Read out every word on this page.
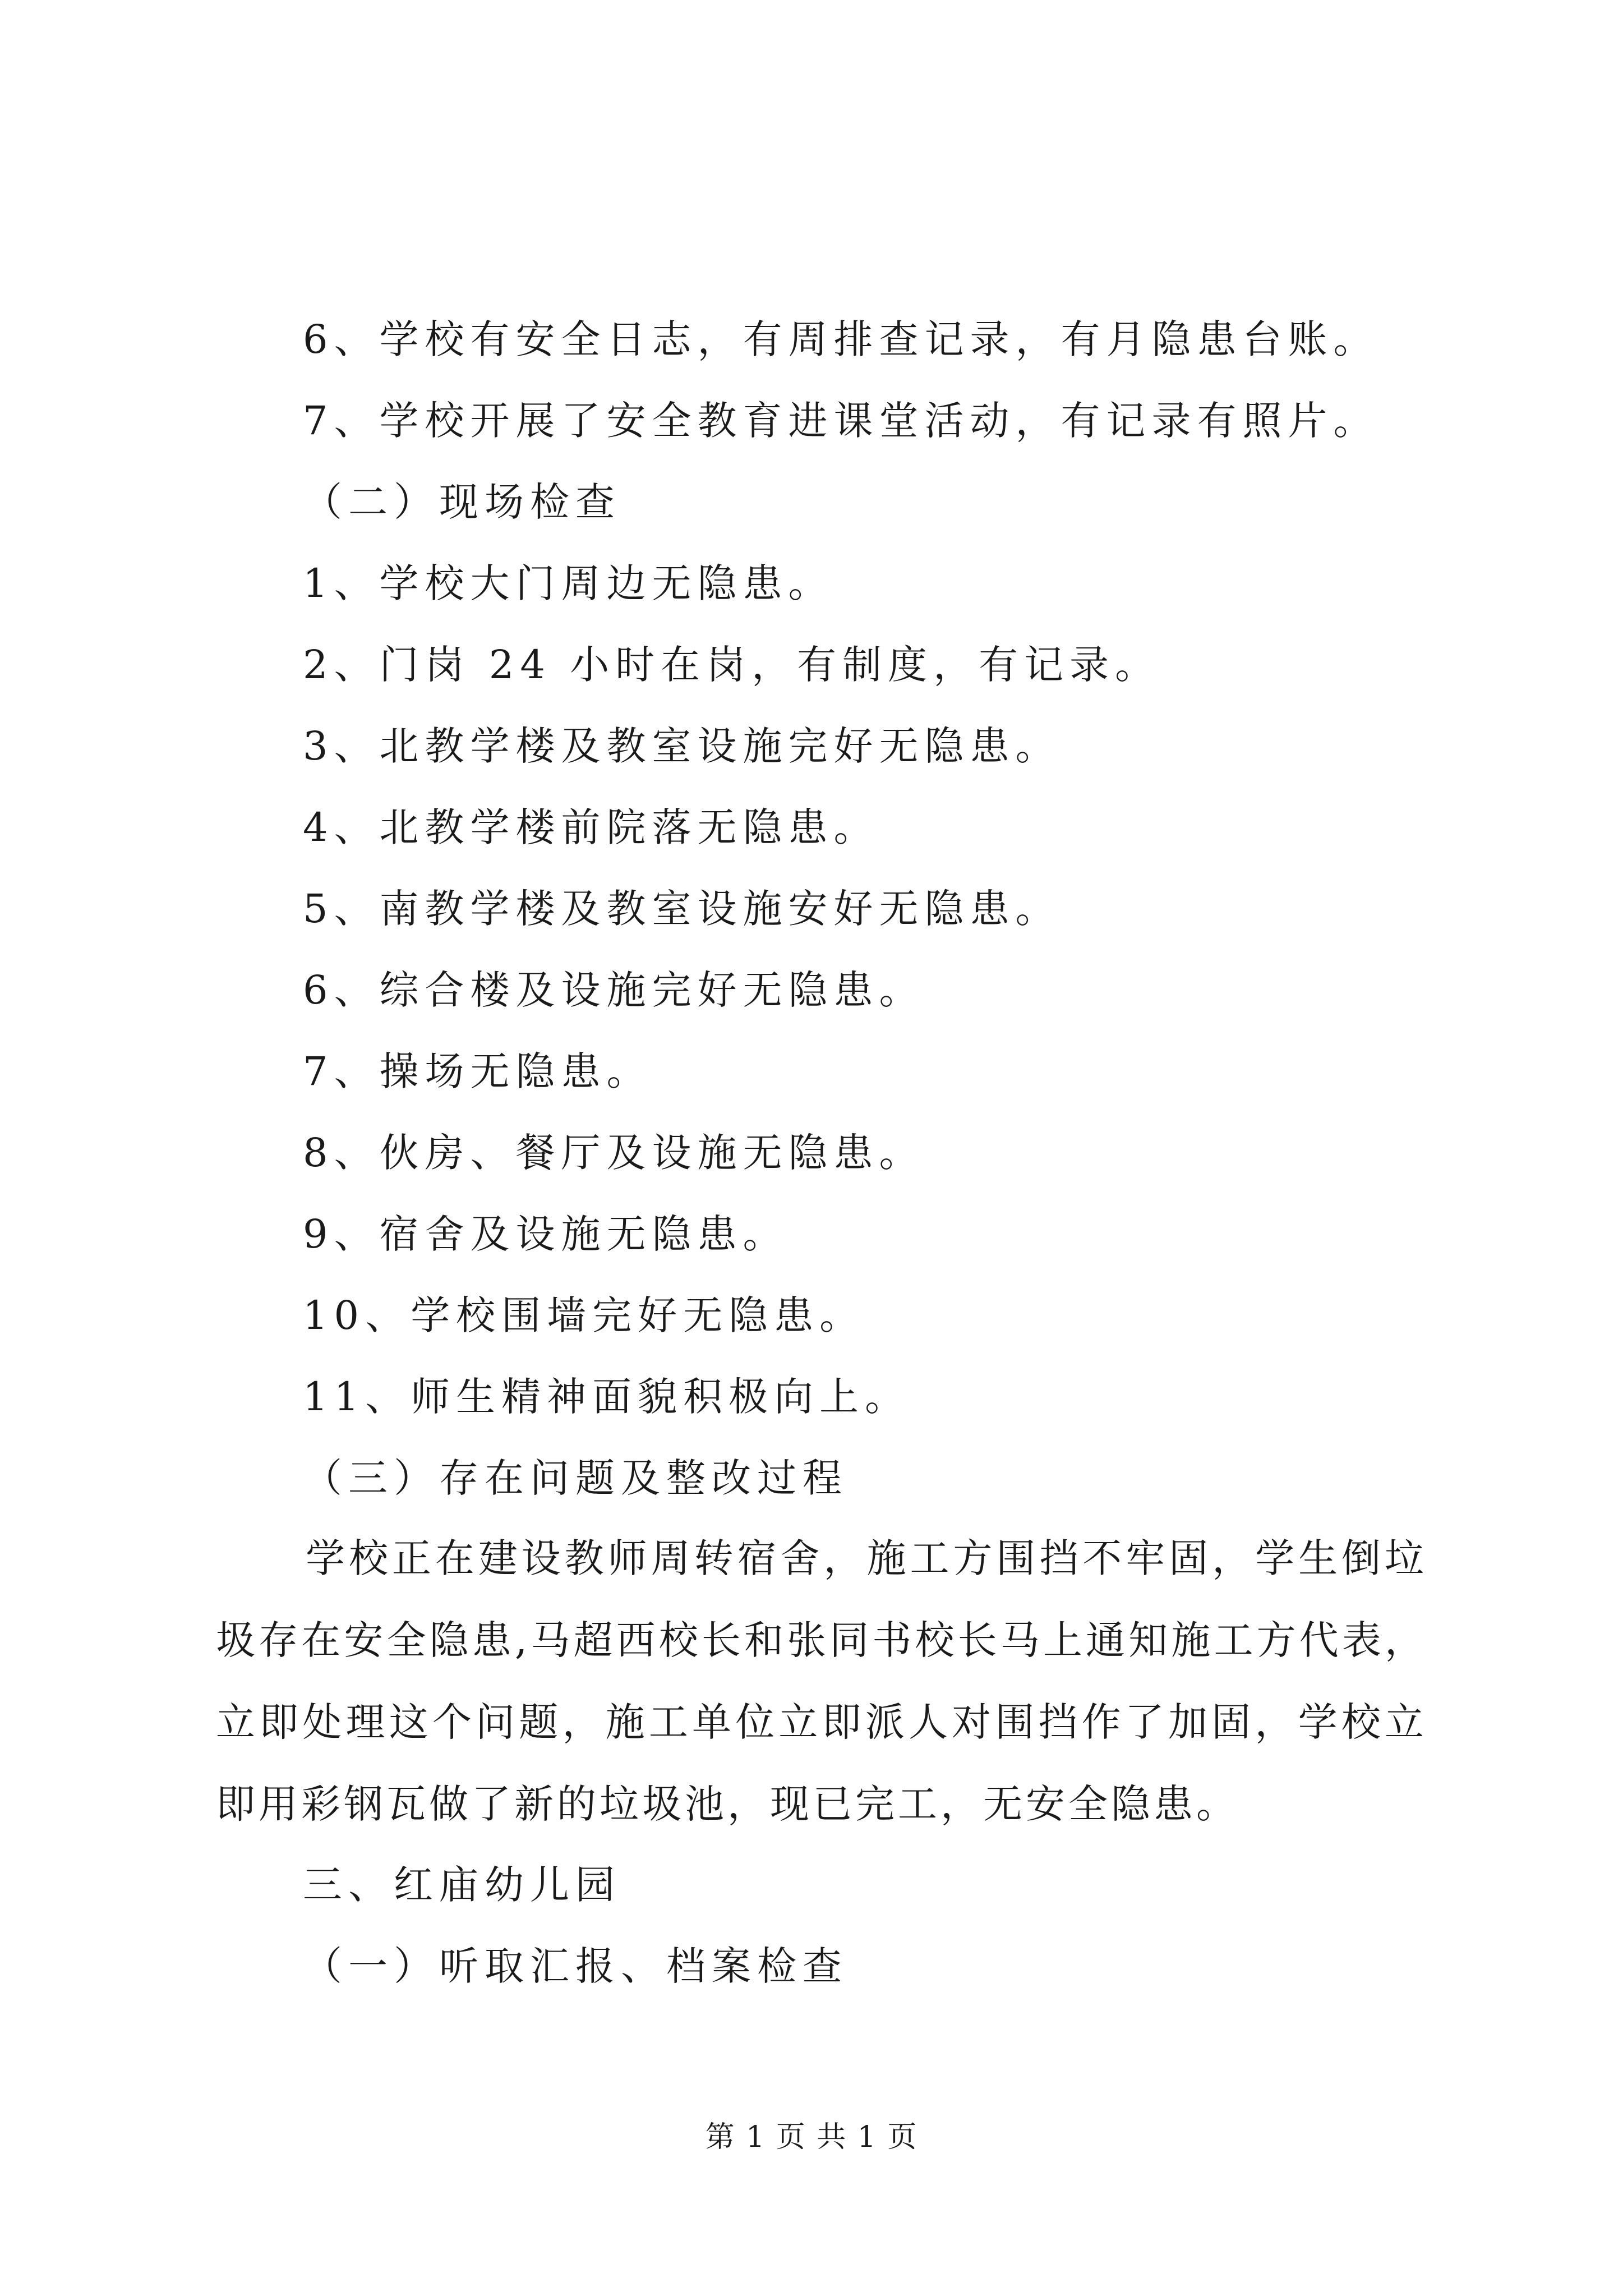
6、学校有安全日志，有周排查记录，有月隐患台账。
7、学校开展了安全教育进课堂活动，有记录有照片。
（二）现场检查
1、学校大门周边无隐患。
2、门岗 24 小时在岗，有制度，有记录。
3、北教学楼及教室设施完好无隐患。
4、北教学楼前院落无隐患。
5、南教学楼及教室设施安好无隐患。
6、综合楼及设施完好无隐患。
7、操场无隐患。
8、伙房、餐厅及设施无隐患。
9、宿舍及设施无隐患。
10、学校围墙完好无隐患。
11、师生精神面貌积极向上。
（三）存在问题及整改过程
学校正在建设教师周转宿舍，施工方围挡不牢固，学生倒垃圾存在安全隐患,马超西校长和张同书校长马上通知施工方代表，立即处理这个问题，施工单位立即派人对围挡作了加固，学校立即用彩钢瓦做了新的垃圾池，现已完工，无安全隐患。
三、红庙幼儿园
（一）听取汇报、档案检查
第 1 页 共 1 页
